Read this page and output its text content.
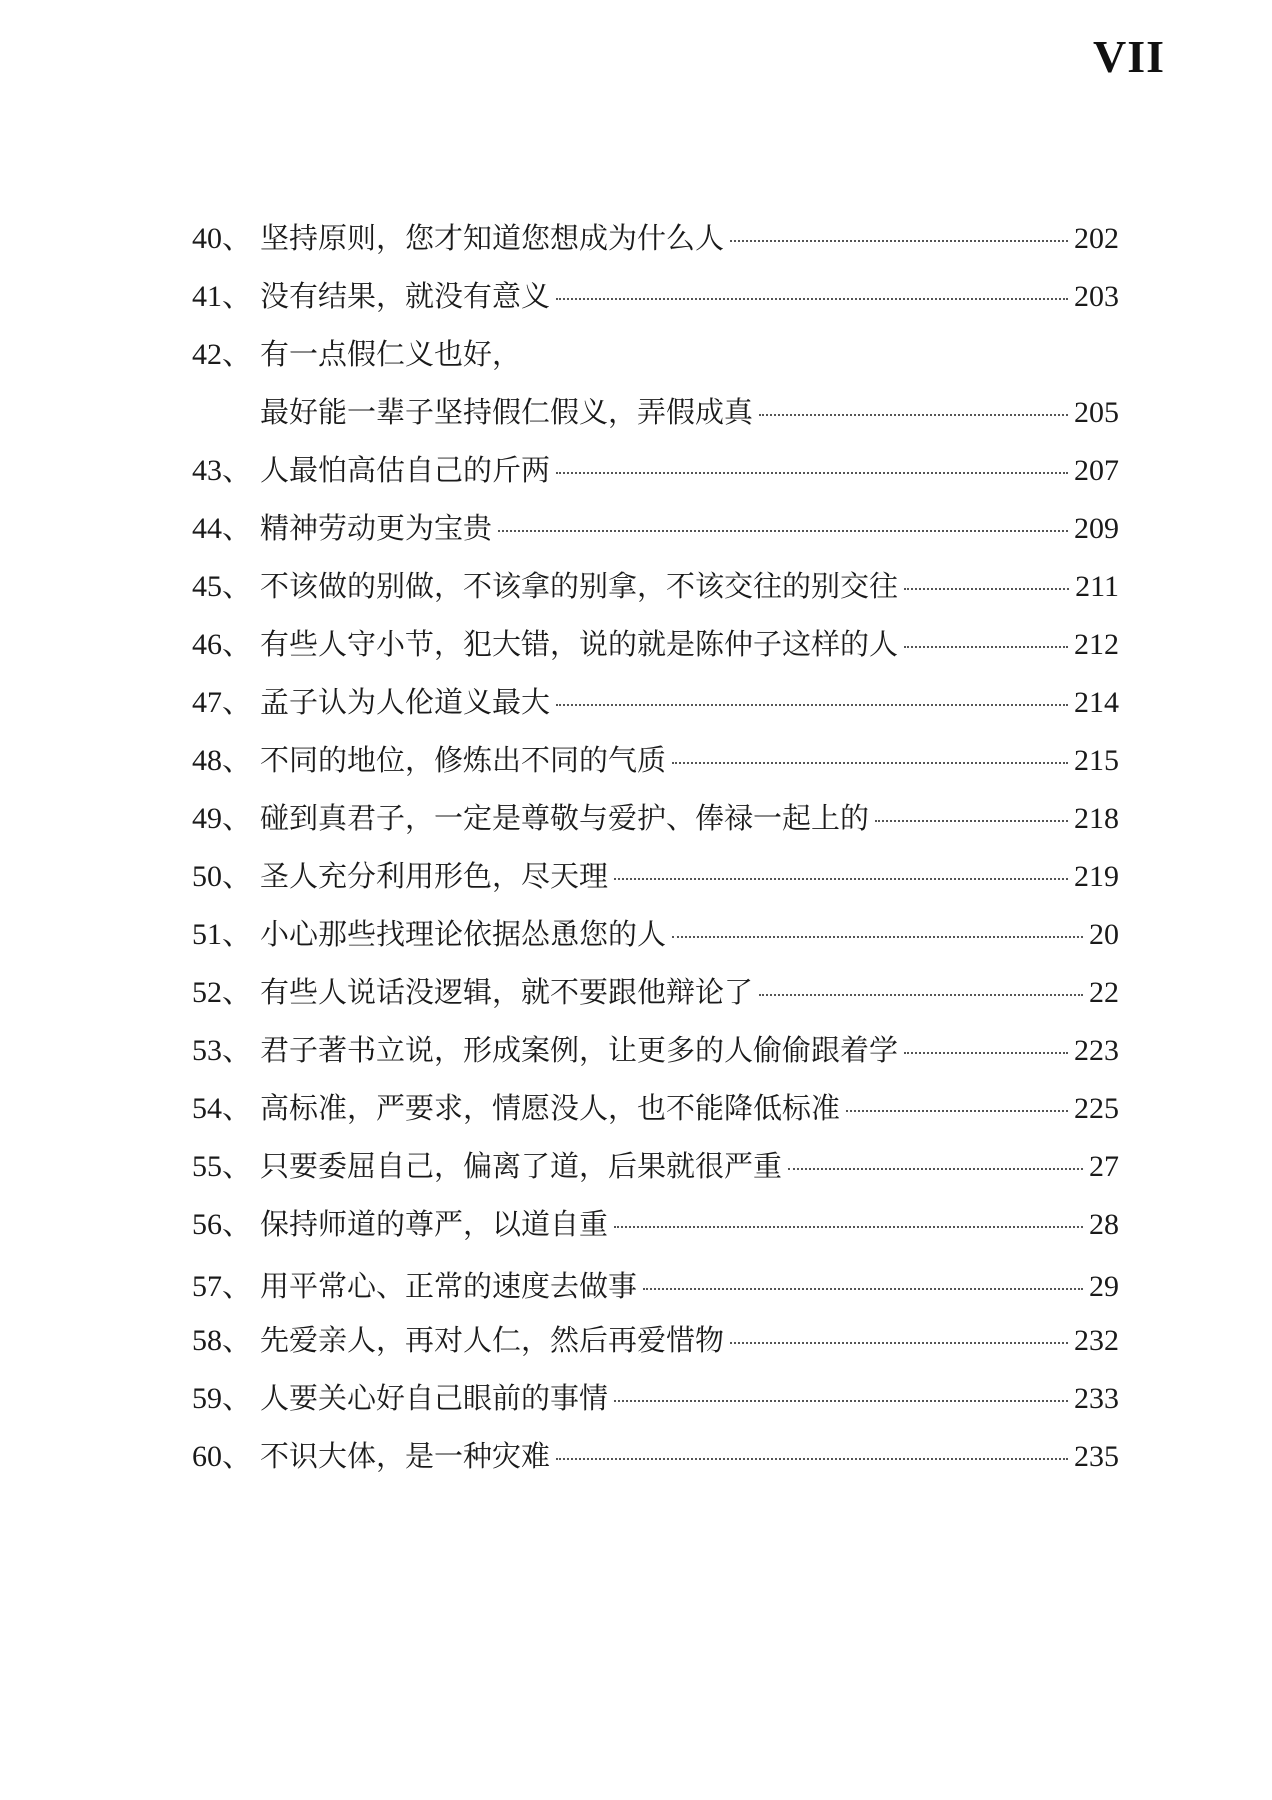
VII
40、 坚持原则，您才知道您想成为什么人	202
41、 没有结果，就没有意义	203
42、 有一点假仁义也好，
最好能一辈子坚持假仁假义，弄假成真	205
43、 人最怕高估自己的斤两	207
44、 精神劳动更为宝贵	209
45、 不该做的别做，不该拿的别拿，不该交往的别交往	211
46、 有些人守小节，犯大错，说的就是陈仲子这样的人	212
47、 孟子认为人伦道义最大	214
48、 不同的地位，修炼出不同的气质	215
49、 碰到真君子，一定是尊敬与爱护、俸禄一起上的	218
50、 圣人充分利用形色，尽天理	219
51、 小心那些找理论依据怂恿您的人	20
52、 有些人说话没逻辑，就不要跟他辩论了	22
53、 君子著书立说，形成案例，让更多的人偷偷跟着学	223
54、 高标准，严要求，情愿没人，也不能降低标准	225
55、 只要委屈自己，偏离了道，后果就很严重	27
56、 保持师道的尊严，以道自重	28
57、 用平常心、正常的速度去做事	29
58、 先爱亲人，再对人仁，然后再爱惜物	232
59、 人要关心好自己眼前的事情	233
60、 不识大体，是一种灾难	235
